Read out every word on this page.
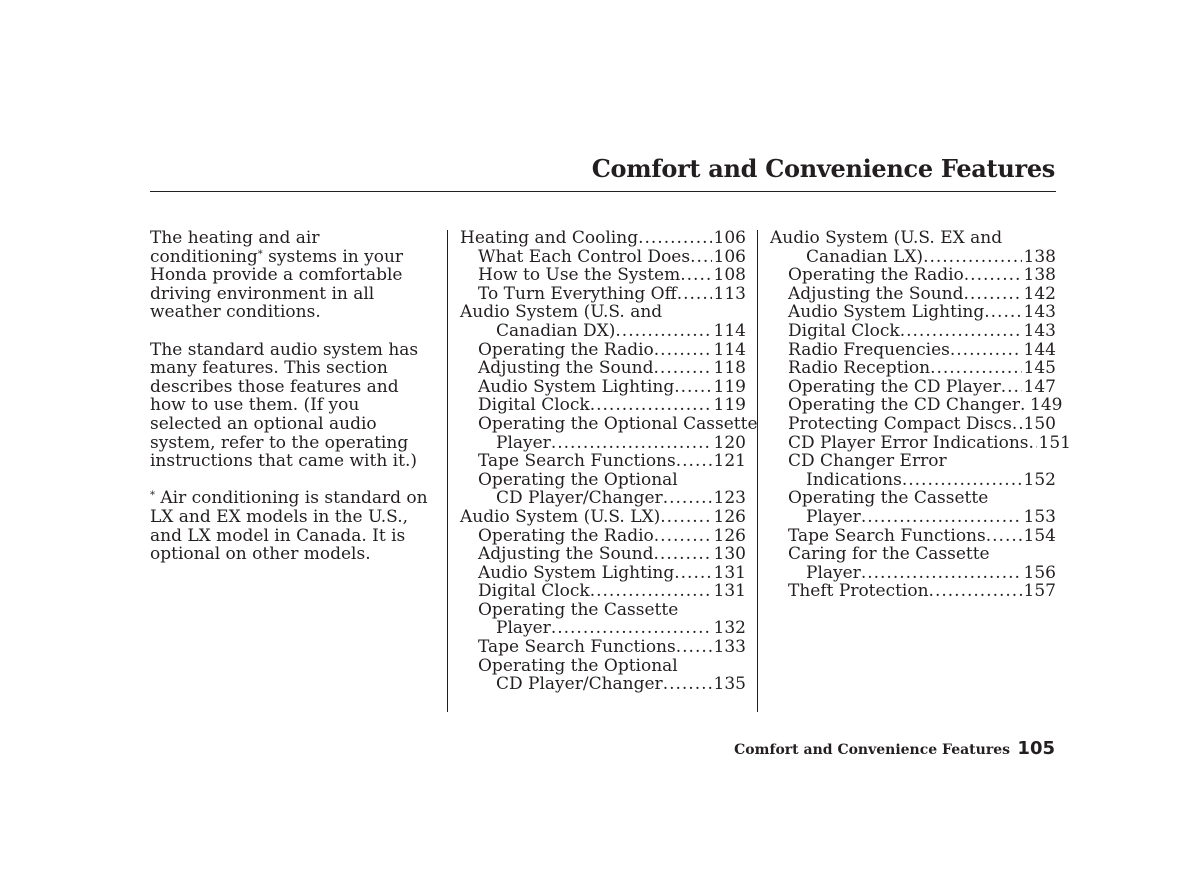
Comfort and Convenience Features

The heating and air conditioning* systems in your Honda provide a comfortable driving environment in all weather conditions.

The standard audio system has many features. This section describes those features and how to use them. (If you selected an optional audio system, refer to the operating instructions that came with it.)

* Air conditioning is standard on LX and EX models in the U.S., and LX model in Canada. It is optional on other models.

Heating and Cooling .....	106
What Each Control Does ..... 106
How to Use the System ..... 108
To Turn Everything Off ..... 113
Audio System (U.S. and
Canadian DX) .....	114
Operating the Radio .....	114
Adjusting the Sound .....	118
Audio System Lighting ..... 119
Digital Clock .....	119
Operating the Optional Cassette
Player .....	120
Tape Search Functions ..... 121
Operating the Optional
CD Player/Changer .....	123
Audio System (U.S. LX) .....	126
Operating the Radio .....	126
Adjusting the Sound .....	130
Audio System Lighting ..... 131
Digital Clock .....	131
Operating the Cassette
Player .....	132
Tape Search Functions ..... 133
Operating the Optional
CD Player/Changer .....	135
Audio System (U.S. EX and
Canadian LX) .....	138
Operating the Radio .....	138
Adjusting the Sound .....	142
Audio System Lighting ..... 143
Digital Clock .....	143
Radio Frequencies .....	144
Radio Reception .....	145
Operating the CD Player ..... 147
Operating the CD Changer ..... 149
Protecting Compact Discs ..... 150
CD Player Error Indications ..... 151
CD Changer Error
Indications .....	152
Operating the Cassette
Player .....	153
Tape Search Functions ..... 154
Caring for the Cassette
Player .....	156
Theft Protection .....	157
Comfort and Convenience Features 105
